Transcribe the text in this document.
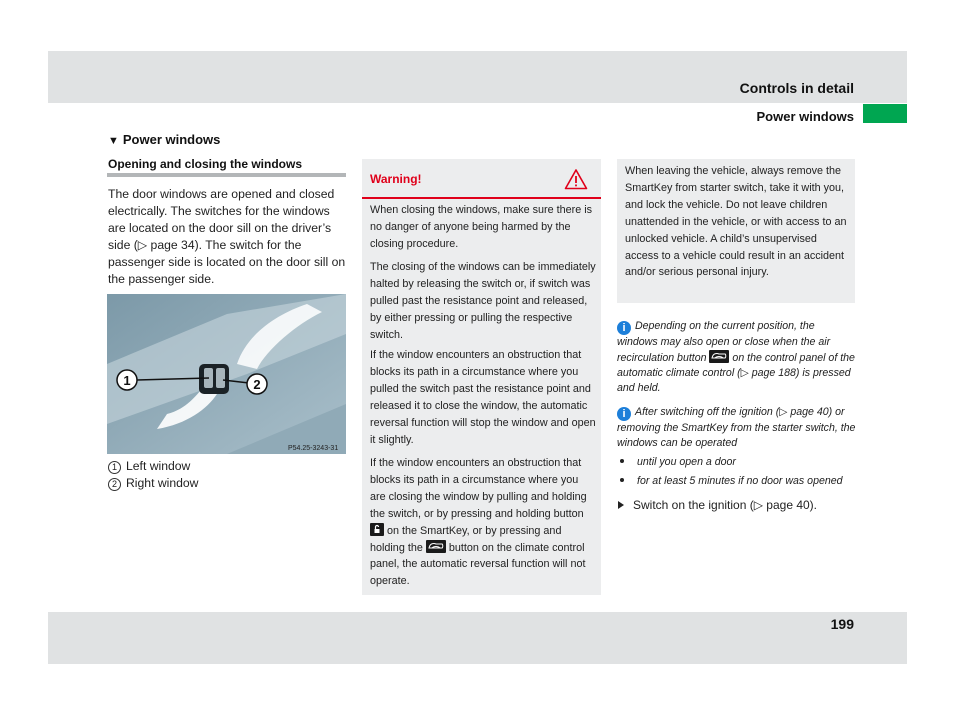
Controls in detail
Power windows
▼ Power windows
Opening and closing the windows

The door windows are opened and closed electrically. The switches for the windows are located on the door sill on the driver’s side (▷ page 34). The switch for the passenger side is located on the door sill on the passenger side.

1	2
P54.25-3243-31
1 Left window
2 Right window
Warning!

When closing the windows, make sure there is no danger of anyone being harmed by the closing procedure.

The closing of the windows can be immediately halted by releasing the switch or, if switch was pulled past the resistance point and released, by either pressing or pulling the respective switch.

If the window encounters an obstruction that blocks its path in a circumstance where you pulled the switch past the resistance point and released it to close the window, the automatic reversal function will stop the window and open it slightly.

If the window encounters an obstruction that blocks its path in a circumstance where you are closing the window by pulling and holding the switch, or by pressing and holding button  on the SmartKey, or by pressing and holding the button on the climate control panel, the automatic reversal function will not operate.

When leaving the vehicle, always remove the SmartKey from starter switch, take it with you, and lock the vehicle. Do not leave children unattended in the vehicle, or with access to an unlocked vehicle. A child’s unsupervised access to a vehicle could result in an accident and/or serious personal injury.

i Depending on the current position, the windows may also open or close when the air recirculation button on the control panel of the automatic climate control (▷ page 188) is pressed and held.

i After switching off the ignition (▷ page 40) or removing the SmartKey from the starter switch, the windows can be operated

until you open a door
for at least 5 minutes if no door was opened
Switch on the ignition (▷ page 40).
199
